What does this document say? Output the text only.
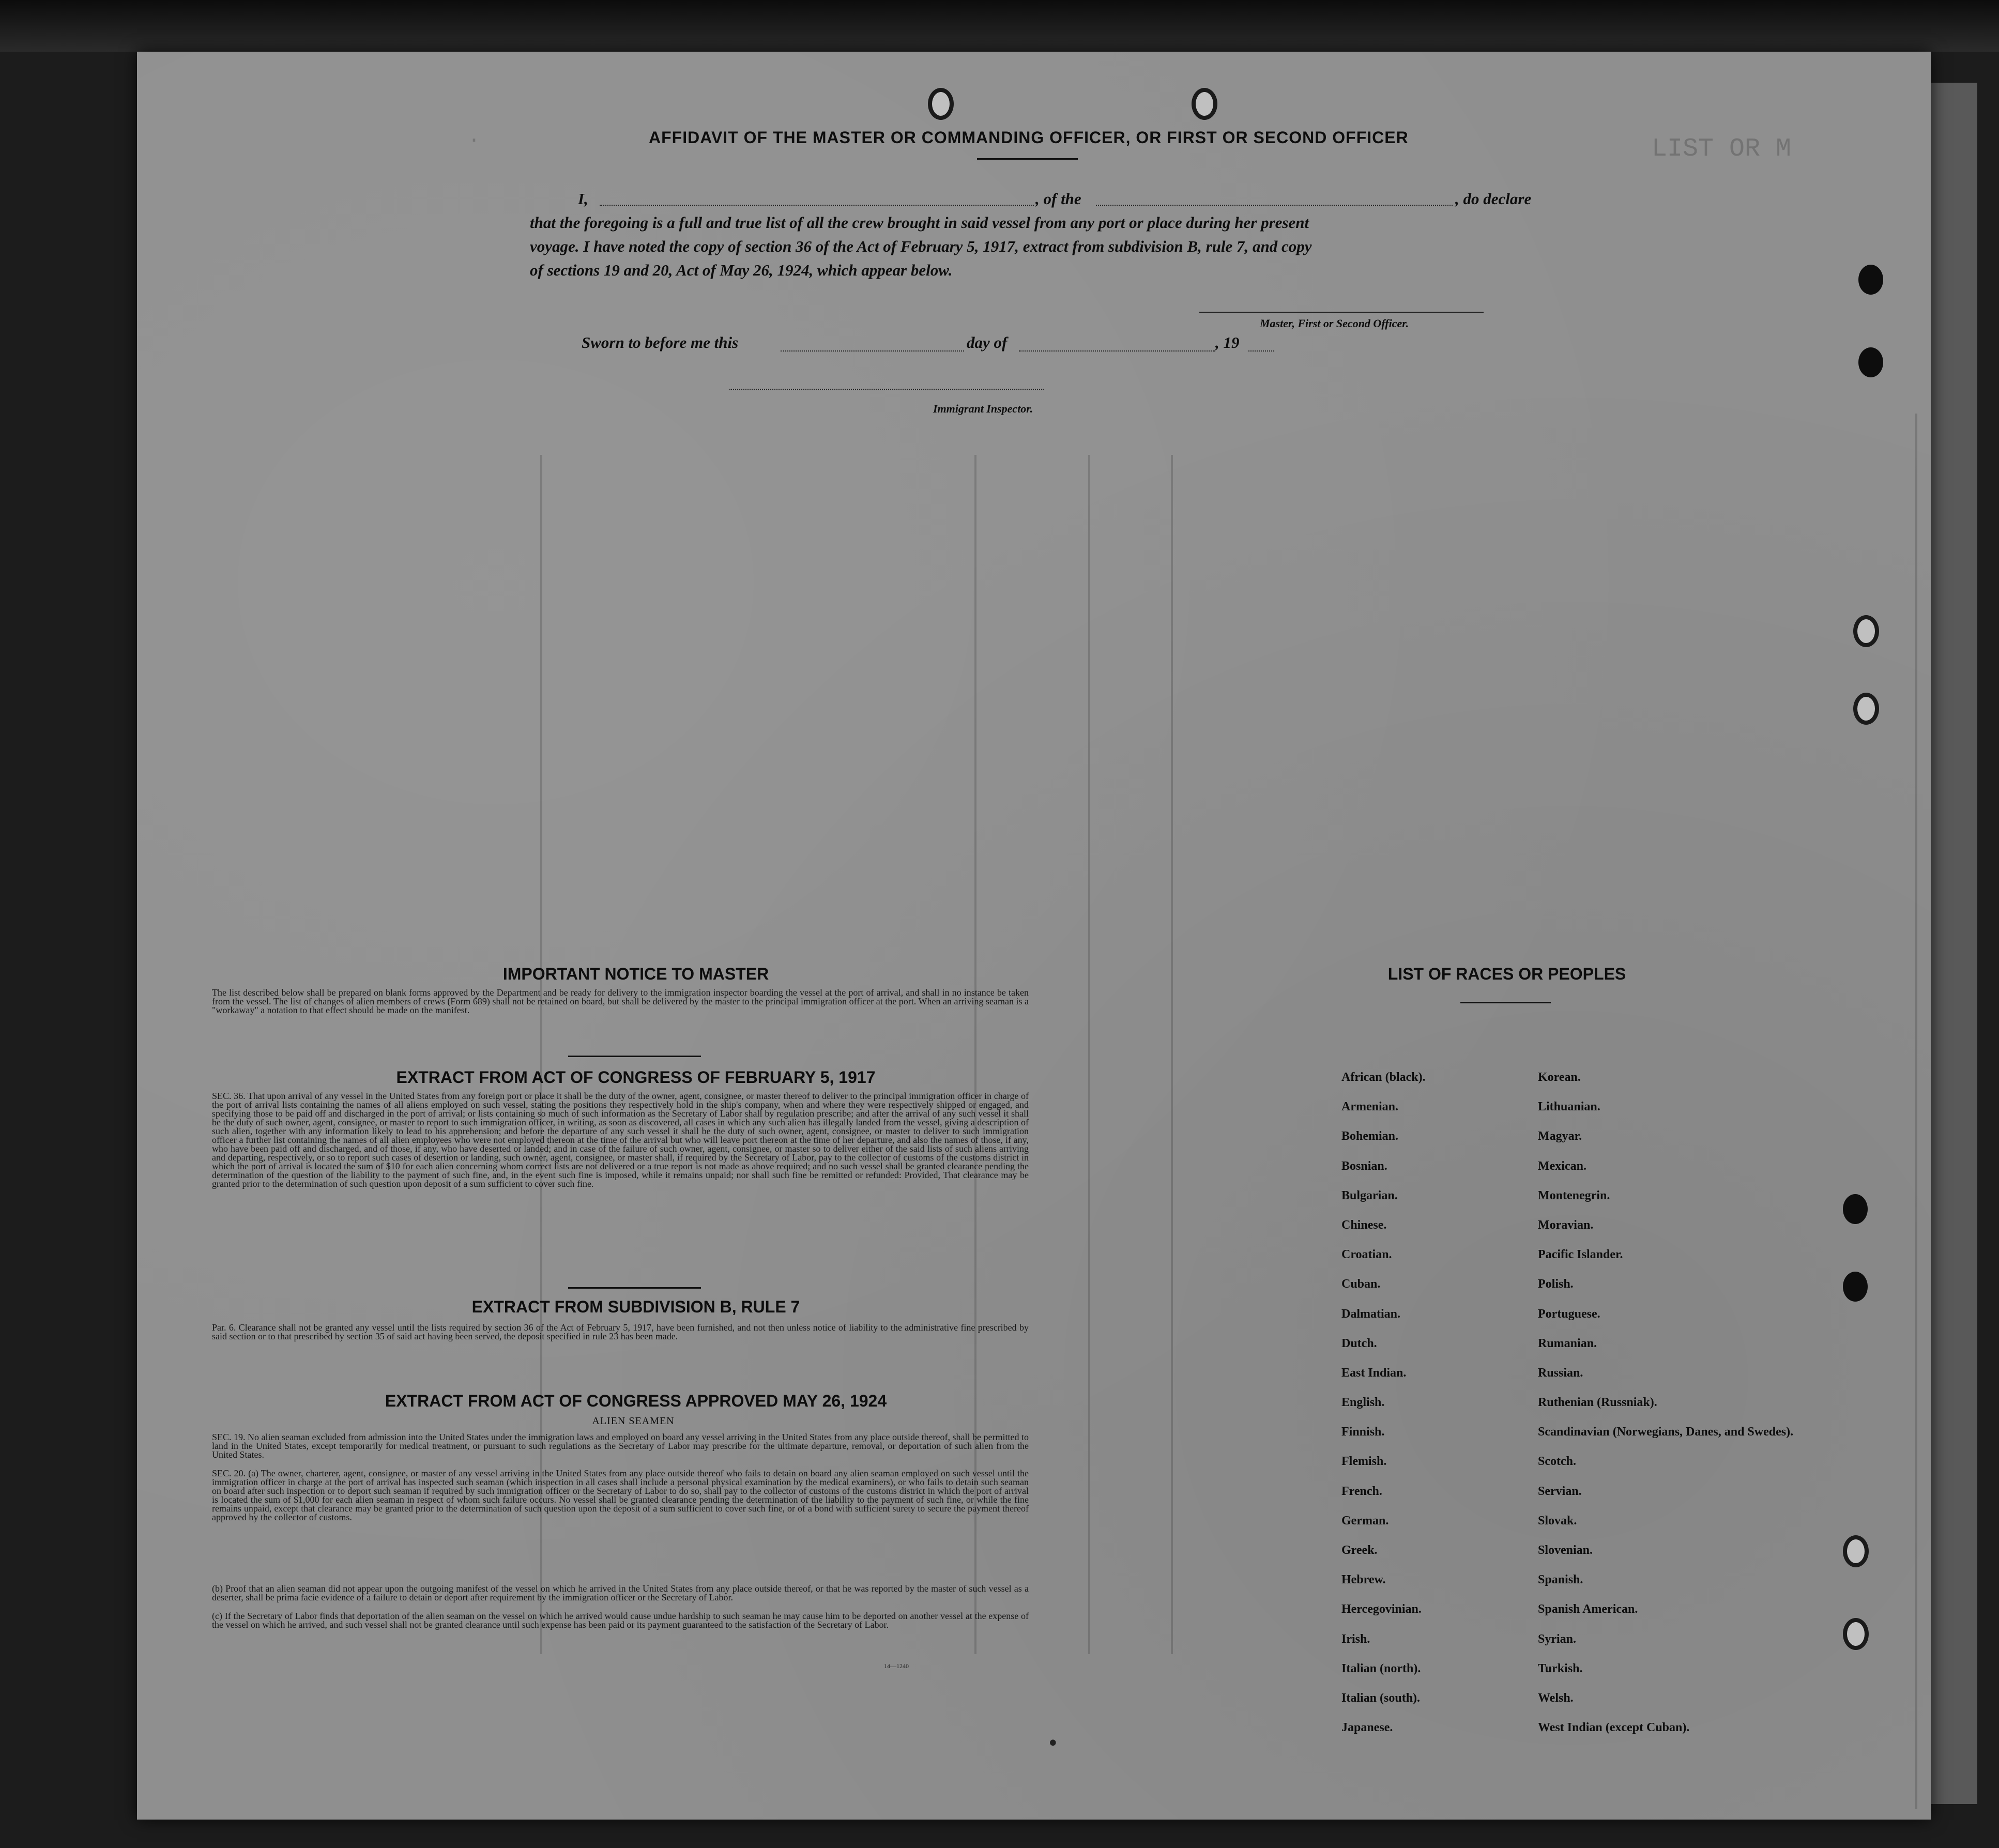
LIST OR M
·	AFFIDAVIT OF THE MASTER OR COMMANDING OFFICER, OR FIRST OR SECOND OFFICER
I,	, of the	, do declare
that the foregoing is a full and true list of all the crew brought in said vessel from any port or place during her present
voyage. I have noted the copy of section 36 of the Act of February 5, 1917, extract from subdivision B, rule 7, and copy
of sections 19 and 20, Act of May 26, 1924, which appear below.
Master, First or Second Officer.
Sworn to before me this	day of	, 19
Immigrant Inspector.
IMPORTANT NOTICE TO MASTER
The list described below shall be prepared on blank forms approved by the Department and be ready for delivery to the immigration inspector boarding the vessel at the port of arrival, and shall in no instance be taken from the vessel. The list of changes of alien members of crews (Form 689) shall not be retained on board, but shall be delivered by the master to the principal immigration officer at the port. When an arriving seaman is a "workaway" a notation to that effect should be made on the manifest.
EXTRACT FROM ACT OF CONGRESS OF FEBRUARY 5, 1917
SEC. 36. That upon arrival of any vessel in the United States from any foreign port or place it shall be the duty of the owner, agent, consignee, or master thereof to deliver to the principal immigration officer in charge of the port of arrival lists containing the names of all aliens employed on such vessel, stating the positions they respectively hold in the ship's company, when and where they were respectively shipped or engaged, and specifying those to be paid off and discharged in the port of arrival; or lists containing so much of such information as the Secretary of Labor shall by regulation prescribe; and after the arrival of any such vessel it shall be the duty of such owner, agent, consignee, or master to report to such immigration officer, in writing, as soon as discovered, all cases in which any such alien has illegally landed from the vessel, giving a description of such alien, together with any information likely to lead to his apprehension; and before the departure of any such vessel it shall be the duty of such owner, agent, consignee, or master to deliver to such immigration officer a further list containing the names of all alien employees who were not employed thereon at the time of the arrival but who will leave port thereon at the time of her departure, and also the names of those, if any, who have been paid off and discharged, and of those, if any, who have deserted or landed; and in case of the failure of such owner, agent, consignee, or master so to deliver either of the said lists of such aliens arriving and departing, respectively, or so to report such cases of desertion or landing, such owner, agent, consignee, or master shall, if required by the Secretary of Labor, pay to the collector of customs of the customs district in which the port of arrival is located the sum of $10 for each alien concerning whom correct lists are not delivered or a true report is not made as above required; and no such vessel shall be granted clearance pending the determination of the question of the liability to the payment of such fine, and, in the event such fine is imposed, while it remains unpaid; nor shall such fine be remitted or refunded: Provided, That clearance may be granted prior to the determination of such question upon deposit of a sum sufficient to cover such fine.
EXTRACT FROM SUBDIVISION B, RULE 7
Par. 6. Clearance shall not be granted any vessel until the lists required by section 36 of the Act of February 5, 1917, have been furnished, and not then unless notice of liability to the administrative fine prescribed by said section or to that prescribed by section 35 of said act having been served, the deposit specified in rule 23 has been made.
EXTRACT FROM ACT OF CONGRESS APPROVED MAY 26, 1924
ALIEN SEAMEN
SEC. 19. No alien seaman excluded from admission into the United States under the immigration laws and employed on board any vessel arriving in the United States from any place outside thereof, shall be permitted to land in the United States, except temporarily for medical treatment, or pursuant to such regulations as the Secretary of Labor may prescribe for the ultimate departure, removal, or deportation of such alien from the United States.
SEC. 20. (a) The owner, charterer, agent, consignee, or master of any vessel arriving in the United States from any place outside thereof who fails to detain on board any alien seaman employed on such vessel until the immigration officer in charge at the port of arrival has inspected such seaman (which inspection in all cases shall include a personal physical examination by the medical examiners), or who fails to detain such seaman on board after such inspection or to deport such seaman if required by such immigration officer or the Secretary of Labor to do so, shall pay to the collector of customs of the customs district in which the port of arrival is located the sum of $1,000 for each alien seaman in respect of whom such failure occurs. No vessel shall be granted clearance pending the determination of the liability to the payment of such fine, or while the fine remains unpaid, except that clearance may be granted prior to the determination of such question upon the deposit of a sum sufficient to cover such fine, or of a bond with sufficient surety to secure the payment thereof approved by the collector of customs.
(b) Proof that an alien seaman did not appear upon the outgoing manifest of the vessel on which he arrived in the United States from any place outside thereof, or that he was reported by the master of such vessel as a deserter, shall be prima facie evidence of a failure to detain or deport after requirement by the immigration officer or the Secretary of Labor.
(c) If the Secretary of Labor finds that deportation of the alien seaman on the vessel on which he arrived would cause undue hardship to such seaman he may cause him to be deported on another vessel at the expense of the vessel on which he arrived, and such vessel shall not be granted clearance until such expense has been paid or its payment guaranteed to the satisfaction of the Secretary of Labor.
14—1240
LIST OF RACES OR PEOPLES
African (black).	Korean.
Armenian.	Lithuanian.
Bohemian.	Magyar.
Bosnian.	Mexican.
Bulgarian.	Montenegrin.
Chinese.	Moravian.
Croatian.	Pacific Islander.
Cuban.	Polish.
Dalmatian.	Portuguese.
Dutch.	Rumanian.
East Indian.	Russian.
English.	Ruthenian (Russniak).
Finnish.	Scandinavian (Norwegians, Danes, and Swedes).
Flemish.	Scotch.
French.	Servian.
German.	Slovak.
Greek.	Slovenian.
Hebrew.	Spanish.
Hercegovinian.	Spanish American.
Irish.	Syrian.
Italian (north).	Turkish.
Italian (south).	Welsh.
Japanese.	West Indian (except Cuban).
•
